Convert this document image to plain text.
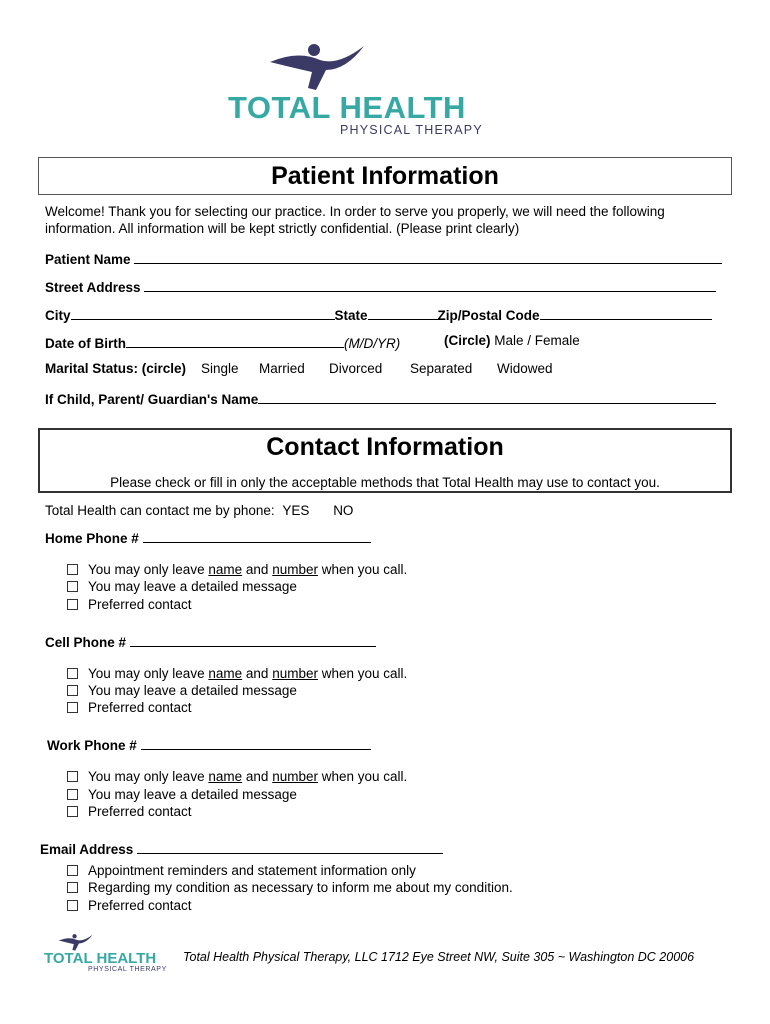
TOTAL HEALTH
PHYSICAL THERAPY
Patient Information
Welcome! Thank you for selecting our practice. In order to serve you properly, we will need the following
information. All information will be kept strictly confidential. (Please print clearly)
Patient Name
Street Address
City	State	Zip/Postal Code
Date of Birth	(M/D/YR)	(Circle) Male / Female
Marital Status: (circle) Single Married Divorced Separated Widowed
If Child, Parent/ Guardian's Name
Contact Information
Please check or fill in only the acceptable methods that Total Health may use to contact you.
Total Health can contact me by phone: YES NO
Home Phone #
You may only leave name and number when you call.
You may leave a detailed message
Preferred contact
Cell Phone #
You may only leave name and number when you call.
You may leave a detailed message
Preferred contact
Work Phone #
You may only leave name and number when you call.
You may leave a detailed message
Preferred contact
Email Address
Appointment reminders and statement information only
Regarding my condition as necessary to inform me about my condition.
Preferred contact
TOTAL HEALTH
PHYSICAL THERAPY
Total Health Physical Therapy, LLC 1712 Eye Street NW, Suite 305 ~ Washington DC 20006
